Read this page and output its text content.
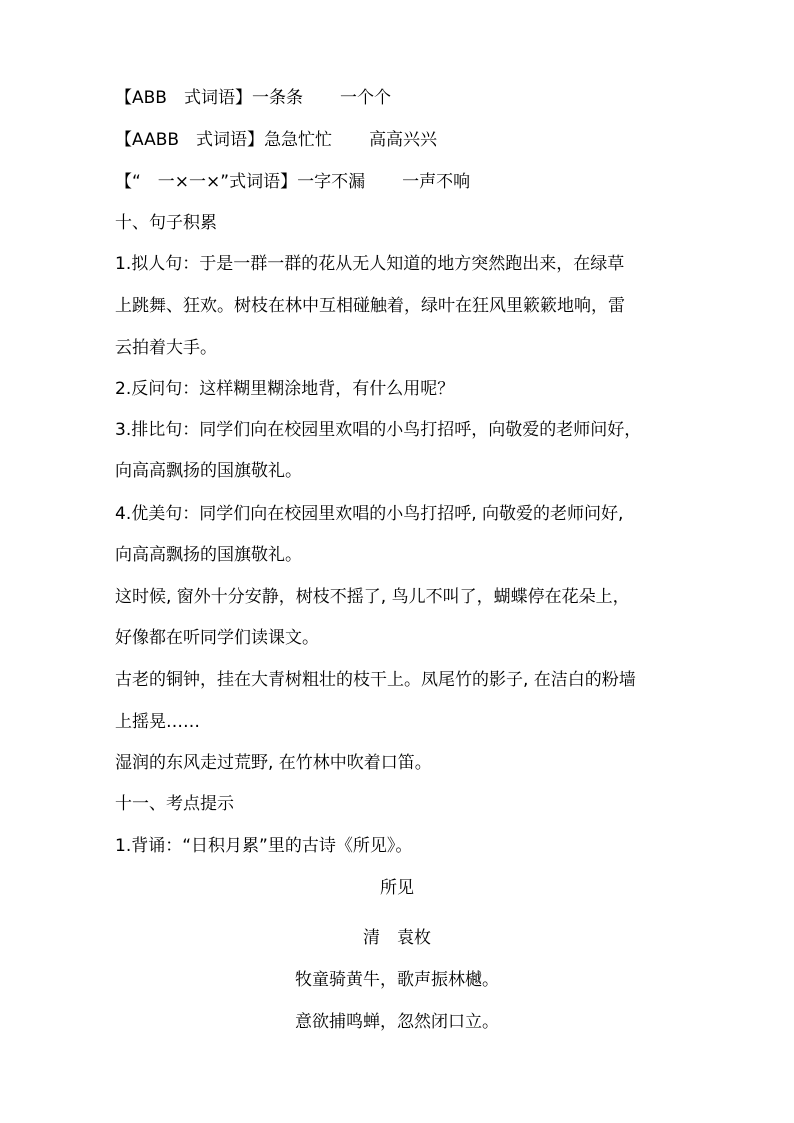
【ABB　式词语】一条条 一个个
【AABB　式词语】急急忙忙 高高兴兴
【“　一×一×”式词语】一字不漏 一声不响
十、句子积累
1.拟人句：于是一群一群的花从无人知道的地方突然跑出来，在绿草
上跳舞、狂欢。树枝在林中互相碰触着，绿叶在狂风里簌簌地响，雷
云拍着大手。
2.反问句：这样糊里糊涂地背，有什么用呢？
3.排比句：同学们向在校园里欢唱的小鸟打招呼，向敬爱的老师问好，
向高高飘扬的国旗敬礼。
4.优美句：同学们向在校园里欢唱的小鸟打招呼, 向敬爱的老师问好,
向高高飘扬的国旗敬礼。
这时候, 窗外十分安静，树枝不摇了, 鸟儿不叫了，蝴蝶停在花朵上，
好像都在听同学们读课文。
古老的铜钟，挂在大青树粗壮的枝干上。凤尾竹的影子, 在洁白的粉墙
上摇晃……
湿润的东风走过荒野, 在竹林中吹着口笛。
十一、考点提示
1.背诵：“日积月累”里的古诗《所见》。
所见
清　袁枚
牧童骑黄牛，歌声振林樾。
意欲捕鸣蝉，忽然闭口立。
